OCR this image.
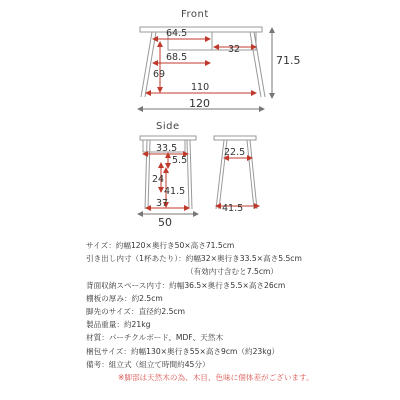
Front
64.5
32
68.5
69
110
71.5
120
33.5
5.5
24
41.5
37
50
22.5
41.5
Side
サイズ ： 約幅120×奥行き50×高さ71.5cm
引き出し内寸（1杯あたり） ： 約幅32×奥行き33.5×高さ5.5cm
（有効内寸含むと7.5cm）
背面収納スペース内寸 ： 約幅36.5×奥行き5.5×高さ26cm
棚板の厚み ： 約2.5cm
脚先のサイズ ： 直径約2.5cm
製品重量 ： 約21kg
材質 ： パーチクルボード、MDF、天然木
梱包サイズ ： 約幅130×奥行き55×高さ9cm（約23kg）
備考 ： 組立式（組立て時間約45分）
※脚部は天然木の為、木目、色味に個体差がございます。
